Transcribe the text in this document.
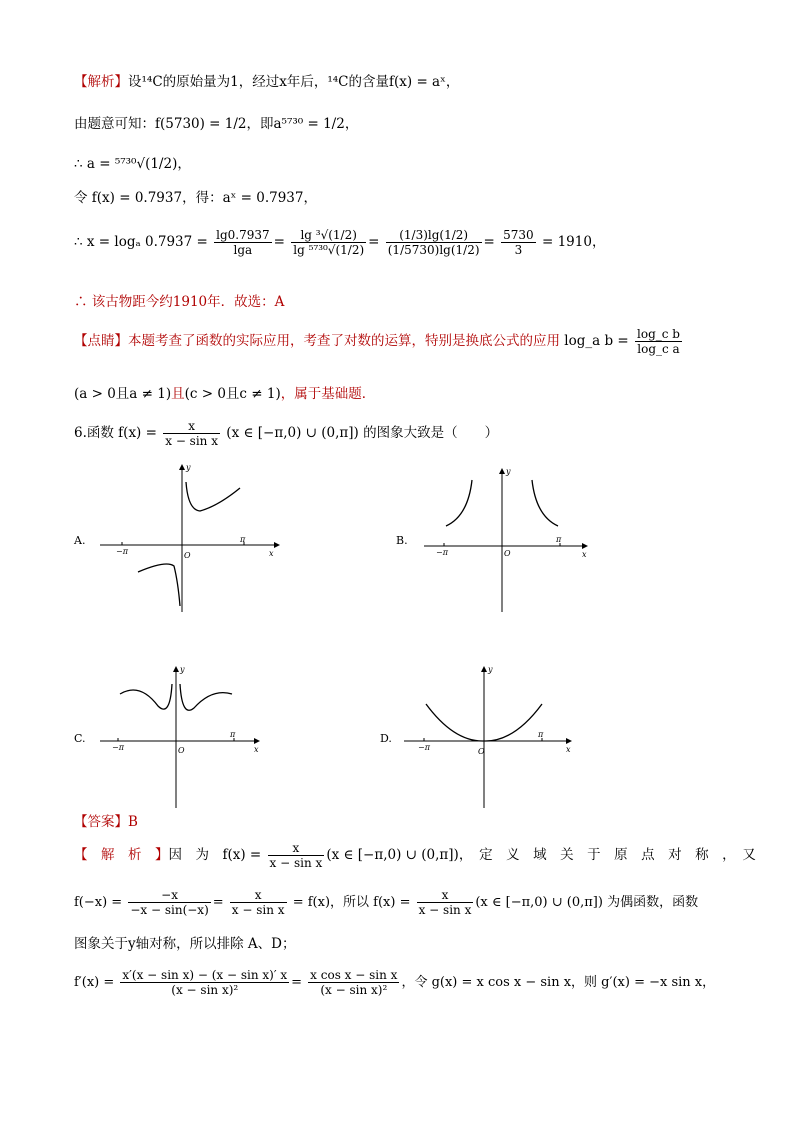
【解析】设¹⁴C的原始量为1，经过x年后，¹⁴C的含量f(x) = aˣ，
由题意可知：f(5730) = 1/2，即a⁵⁷³⁰ = 1/2，
∴ a = ⁵⁷³⁰√(1/2)，
令 f(x) = 0.7937，得：aˣ = 0.7937，
∴ x = logₐ $0.7937 = \frac{\lg 0.7937}{\lg a} = \frac{\text{lg ³√(1/2)}}{\text{lg ⁵⁷³⁰√(1/2)}} = \frac{(1/3)\lg(1/2)}{(1/5730)\lg(1/2)} = \frac{5730}{3} = 1910$，
∴ 该古物距今约1910年．故选：A
【点睛】本题考查了函数的实际应用，考查了对数的运算，特别是换底公式的应用 log_a $b = \frac{\text{log\_c b}}{\text{log\_c a}}$
(a > 0且a ≠ 1)且(c > 0且c ≠ 1)，属于基础题．
6.函数 $f(x) = \frac{x}{\text{x − sin x}} (x$ ∈ [−π,0) ∪ (0,π]) 的图象大致是（　　）
A.	B.
C.	D.
−π
π
O	x
y
−π
π
O	x
y
−π
π
O	x
y
−π
π
O	x
y
【答案】B
【　解　析　】因　为　$f(x) = \frac{x}{\text{x − sin x}} (x$ ∈ [−π,0) ∪ (0,π])，　定　义　域　关　于　原　点　对　称　，　又
$f(-x) = \frac{-x}{-x - \sin(-x)} = \frac{x}{\text{x − sin x}} = f(x)$，所以 $f(x) = \frac{x}{\text{x − sin x}} (x$ ∈ [−π,0) ∪ (0,π]) 为偶函数，函数
图象关于y轴对称，所以排除 A、D；
$f'(x) = \frac{\text{x′(x − sin x) − (x − sin x)′ x}}{\text{(x − sin x)²}} = \frac{\text{x cos x − sin x}}{\text{(x − sin x)²}}$ ，令 g(x) = x cos x − sin x，则 g′(x) = −x sin x，
